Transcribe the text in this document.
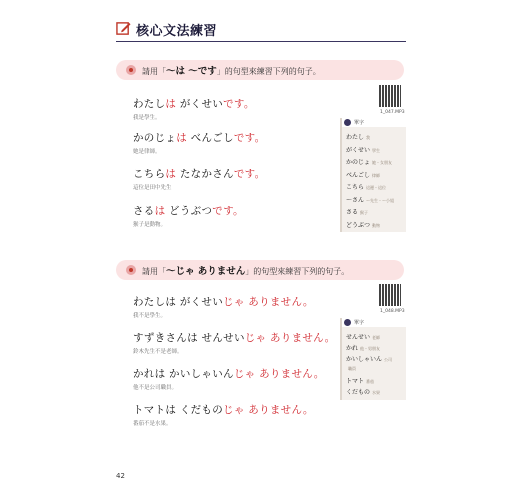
核心文法練習
請用「～は ～です」的句型來練習下列的句子。
1_047.MP3
わたしは がくせいです。
我是學生。
かのじょは べんごしです。
她是律師。
こちらは たなかさんです。
這位是田中先生
さるは どうぶつです。
猴子是動物。
單字
わたし 我
がくせい 學生
かのじょ 她・女朋友
べんごし 律師
こちら 這邊・這位
～さん ～先生・～小姐
さる 猴子
どうぶつ 動物
請用「～じゃ ありません」的句型來練習下列的句子。
1_048.MP3
わたしは がくせいじゃ ありません。
我不是學生。
すずきさんは せんせいじゃ ありません。
鈴木先生不是老師。
かれは かいしゃいんじゃ ありません。
他不是公司職員。
トマトは くだものじゃ ありません。
番茄不是水果。
單字
せんせい 老師
かれ 他・男朋友
かいしゃいん 公司
職員
トマト 番茄
くだもの 水果
42
